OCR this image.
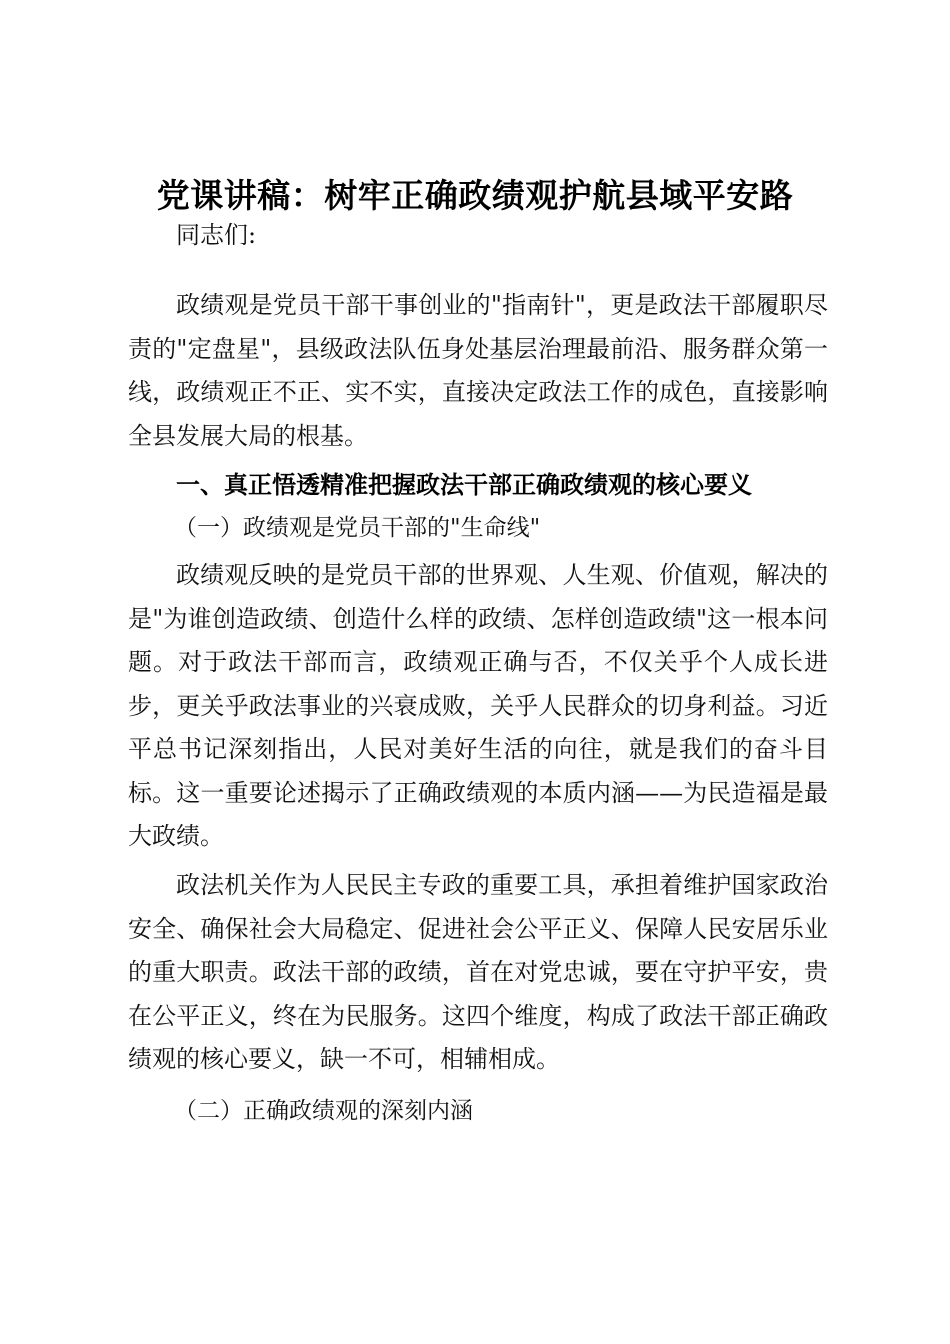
党课讲稿：树牢正确政绩观护航县域平安路

同志们:

政绩观是党员干部干事创业的"指南针"，更是政法干部履职尽责的"定盘星"，县级政法队伍身处基层治理最前沿、服务群众第一线，政绩观正不正、实不实，直接决定政法工作的成色，直接影响全县发展大局的根基。

一、真正悟透精准把握政法干部正确政绩观的核心要义

（一）政绩观是党员干部的"生命线"

政绩观反映的是党员干部的世界观、人生观、价值观，解决的是"为谁创造政绩、创造什么样的政绩、怎样创造政绩"这一根本问题。对于政法干部而言，政绩观正确与否，不仅关乎个人成长进步，更关乎政法事业的兴衰成败，关乎人民群众的切身利益。习近平总书记深刻指出，人民对美好生活的向往，就是我们的奋斗目标。这一重要论述揭示了正确政绩观的本质内涵——为民造福是最大政绩。

政法机关作为人民民主专政的重要工具，承担着维护国家政治安全、确保社会大局稳定、促进社会公平正义、保障人民安居乐业的重大职责。政法干部的政绩，首在对党忠诚，要在守护平安，贵在公平正义，终在为民服务。这四个维度，构成了政法干部正确政绩观的核心要义，缺一不可，相辅相成。

（二）正确政绩观的深刻内涵
